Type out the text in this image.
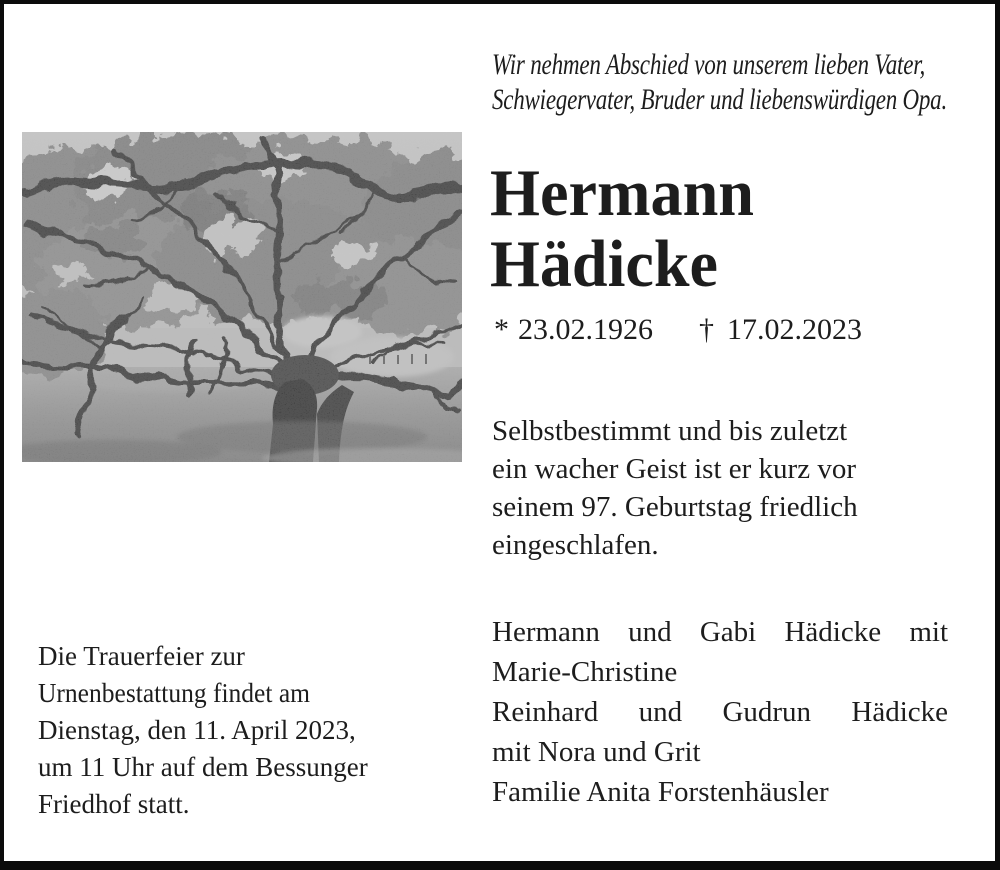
Wir nehmen Abschied von unserem lieben Vater,
Schwiegervater, Bruder und liebenswürdigen Opa.
Hermann
Hädicke
* 23.02.1926 † 17.02.2023
Selbstbestimmt und bis zuletzt
ein wacher Geist ist er kurz vor
seinem 97. Geburtstag friedlich
eingeschlafen.
Hermann und Gabi Hädicke mit
Marie-Christine
Reinhard und Gudrun Hädicke
mit Nora und Grit
Familie Anita Forstenhäusler
Die Trauerfeier zur
Urnenbestattung findet am
Dienstag, den 11. April 2023,
um 11 Uhr auf dem Bessunger
Friedhof statt.
